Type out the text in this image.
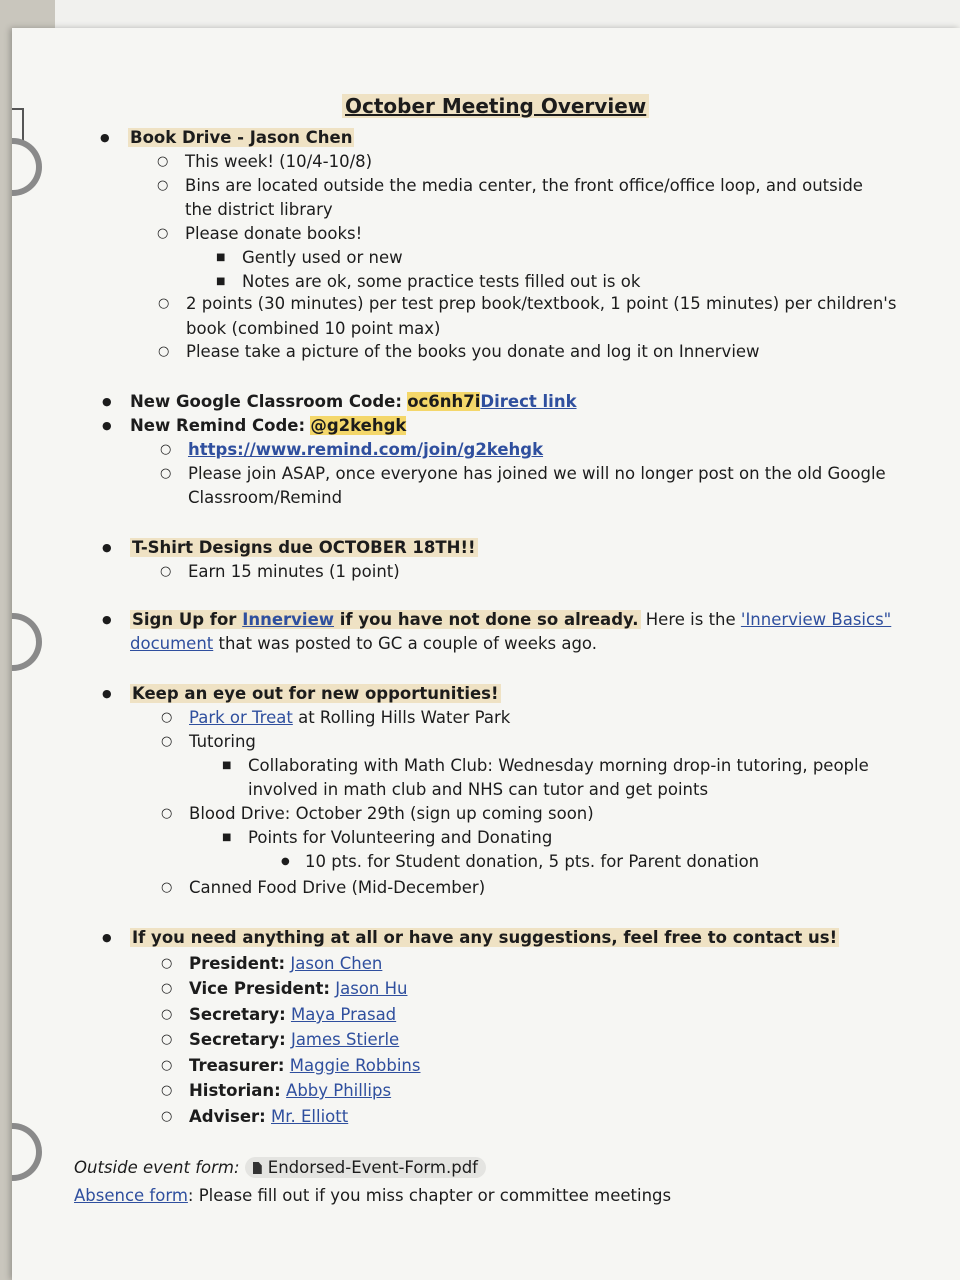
October Meeting Overview
● Book Drive - Jason Chen
○ This week! (10/4-10/8)
○ Bins are located outside the media center, the front office/office loop, and outside
the district library
○ Please donate books!
■ Gently used or new
■ Notes are ok, some practice tests filled out is ok
○ 2 points (30 minutes) per test prep book/textbook, 1 point (15 minutes) per children's
book (combined 10 point max)
○ Please take a picture of the books you donate and log it on Innerview
● New Google Classroom Code: oc6nh7iDirect link
● New Remind Code: @g2kehgk
○ https://www.remind.com/join/g2kehgk
○ Please join ASAP, once everyone has joined we will no longer post on the old Google
Classroom/Remind
● T-Shirt Designs due OCTOBER 18TH!!
○ Earn 15 minutes (1 point)
● Sign Up for Innerview if you have not done so already. Here is the 'Innerview Basics"
document that was posted to GC a couple of weeks ago.
● Keep an eye out for new opportunities!
○ Park or Treat at Rolling Hills Water Park
○ Tutoring
■ Collaborating with Math Club: Wednesday morning drop-in tutoring, people
involved in math club and NHS can tutor and get points
○ Blood Drive: October 29th (sign up coming soon)
■ Points for Volunteering and Donating
● 10 pts. for Student donation, 5 pts. for Parent donation
○ Canned Food Drive (Mid-December)
● If you need anything at all or have any suggestions, feel free to contact us!
○ President: Jason Chen
○ Vice President: Jason Hu
○ Secretary: Maya Prasad
○ Secretary: James Stierle
○ Treasurer: Maggie Robbins
○ Historian: Abby Phillips
○ Adviser: Mr. Elliott
Outside event form: Endorsed-Event-Form.pdf
Absence form: Please fill out if you miss chapter or committee meetings
